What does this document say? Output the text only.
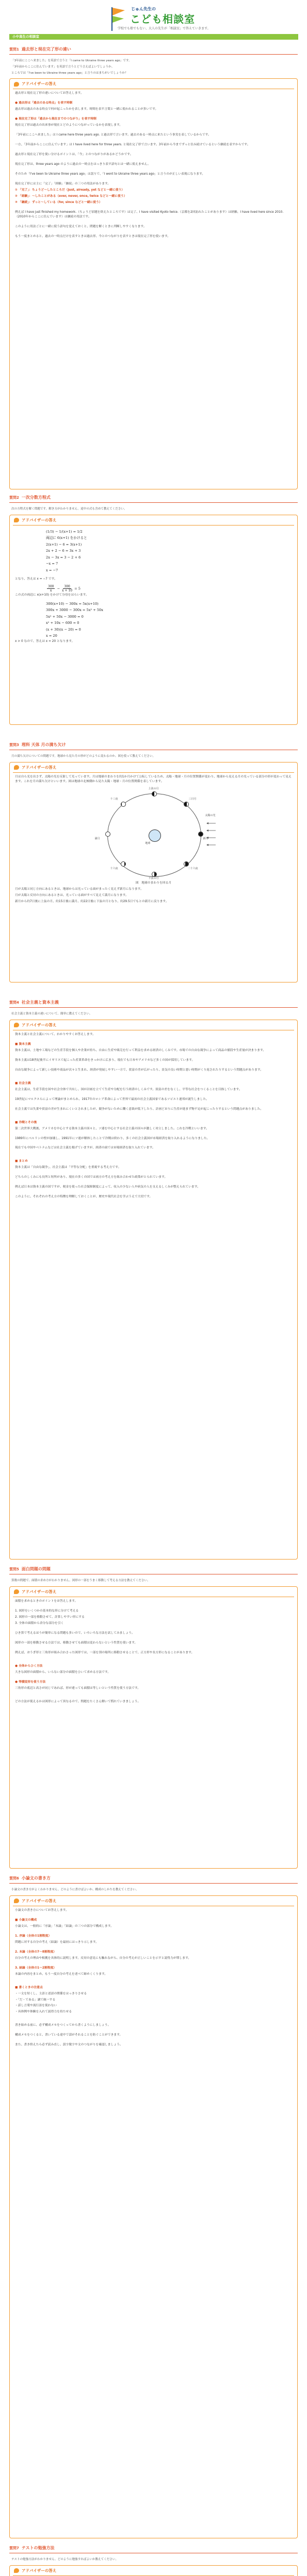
じゅん先生の
こども相談室
学校でも塾でもない、大人の先生が「相談室」で答えていきます。
小中高生の相談室
質問1 過去形と現在完了形の違い

「3年前にここへ来ました」を英語で言うと「I came to Ukraine three years ago」です。

「3年前からここに住んでいます」を英語で言うとどう言えばよいでしょうか。

ところでは「I've been to Ukraine three years ago」と言うのはまちがいでしょうか？

アドバイザーの答え

過去形と現在完了形の違いについてお答えします。

● 過去形は「過去のある時点」を表す時制

過去形は過去のある時点で何が起こったかを表します。時間を表す言葉と一緒に使われることが多いです。

● 現在完了形は「過去から現在までのつながり」を表す時制

現在完了形は過去の出来事が現在とどのようにつながっているかを表現します。

「3年前にここへ来ました」は I came here three years ago. と過去形で言います。過去のある一時点に来たという事実を表しているからです。

一方、「3年前からここに住んでいます」は I have lived here for three years. と現在完了形で言います。3年前から今までずっと住み続けているという継続を表すからです。

過去形と現在完了形を使い分けるポイントは、「今」とのつながりがあるかどうかです。

現在完了形は、three years ago のように過去の一時点をはっきり表す語句とは一緒に使えません。

そのため「I've been to Ukraine three years ago」は誤りで、「I went to Ukraine three years ago」と言うのが正しい表現になります。

現在完了形には主に「完了」「経験」「継続」の三つの用法があります。

① 「完了」：ちょうど〜したところだ（just, already, yet などと一緒に使う）

② 「経験」：〜したことがある（ever, never, once, twice などと一緒に使う）

③ 「継続」：ずっと〜している（for, since などと一緒に使う）

例えば I have just finished my homework.（ちょうど宿題を終えたところです）は完了、I have visited Kyoto twice.（京都を2回訪れたことがあります）は経験、I have lived here since 2010.（2010年からここに住んでいます）は継続の用法です。

このように用法ごとに一緒に使う語句を覚えておくと、問題を解くときに判断しやすくなります。

もう一度まとめると、過去の一時点だけを表すときは過去形、今とのつながりを表すときは現在完了形を使います。

質問2 一次分数方程式

次の方程式を解く問題です。解き方がわかりません。途中の式も含めて教えてください。

アドバイザーの答え
(1/3) − 1/(x+1) = 1/2
両辺に 6(x+1) をかけると
2(x+1) − 6 = 3(x+1)
2x + 2 − 6 = 3x + 3
2x − 3x = 3 − 2 + 6
−x = 7
x = −7

となり、答えは x = −7 です。

$\frac{300}{x} - \frac{300}{x + 10} = 5$

この式の両辺に x(x+10) をかけて分母をはらいます。

300(x+10) − 300x = 5x(x+10)
300x + 3000 − 300x = 5x² + 50x
5x² + 50x − 3000 = 0
x² + 10x − 600 = 0
(x + 30)(x − 20) = 0
x = 20

x > 0 なので、答えは x = 20 となります。

質問3 理科 天体 月の満ち欠け

月の満ち欠けについての問題です。地球から見た月の形がどのように変わるのか、図を使って教えてください。

アドバイザーの答え

月は自ら光を出さず、太陽の光を反射して光っています。月は地球のまわりを約1か月かけて公転しているため、太陽・地球・月の位置関係が変わり、地球から見える月の光っている部分の形が変わって見えます。これを月の満ち欠けといいます。図は地球の北極側から見た太陽・地球・月の位置関係を表しています。

地球
新月
三日月
上弦の月
十三夜
満月
十六夜
下弦の月
二十六夜
太陽の光

図　地球のまわりを回る月

月が太陽と同じ方向にあるときは、地球からは光っている面がまったく見えず新月になります。

月が太陽と反対の方向にあるときは、光っている面がすべて見えて満月になります。

新月から約7日後に上弦の月、約15日後に満月、約22日後に下弦の月となり、約29.5日でもとの新月に戻ります。

質問4 社会主義と資本主義

社会主義と資本主義の違いについて、簡単に教えてください。

アドバイザーの答え

資本主義と社会主義について、わかりやすくお答えします。

■ 資本主義

資本主義は、土地や工場などの生産手段を個人や企業が持ち、自由に生産や販売を行って利益を求める経済のしくみです。市場での自由な競争によって商品の値段や生産量が決まります。

資本主義は18世紀後半にイギリスで起こった産業革命をきっかけに広まり、現在でも日本やアメリカなど多くの国が採用しています。

自由な競争によって新しい技術や商品が次々と生まれ、経済が発展しやすい一方で、貧富の差が広がったり、景気の良い時期と悪い時期がくり返されたりするという問題点があります。

■ 社会主義

社会主義は、生産手段を国や社会全体で共有し、国が計画を立てて生産や分配を行う経済のしくみです。貧富の差をなくし、平等な社会をつくることを目指しています。

19世紀にマルクスらによって理論がまとめられ、1917年のロシア革命によって世界で最初の社会主義国家であるソビエト連邦が誕生しました。

社会主義では失業や貧富の差が生まれにくいとされましたが、競争がないために働く意欲が低下したり、計画どおりに生産が進まず物不足が起こったりするという問題点がありました。

■ 冷戦とその後

第二次世界大戦後、アメリカを中心とする資本主義の国々と、ソ連を中心とする社会主義の国々が激しく対立しました。これを冷戦といいます。

1989年にベルリンの壁が崩壊し、1991年にソ連が解体したことで冷戦は終わり、多くの社会主義国が市場経済を取り入れるようになりました。

現在でも中国やベトナムなどは社会主義を掲げていますが、経済の面では市場経済を取り入れています。

■ まとめ

資本主義は「自由な競争」、社会主義は「平等な分配」を重視する考え方です。

どちらのしくみにも長所と短所があり、現在の多くの国では両方の考え方を組み合わせた政策がとられています。

例えば日本は資本主義の国ですが、税金を使った社会保障制度によって、収入の少ない人や病気の人を支えるしくみが整えられています。

このように、それぞれの考え方の特徴を理解しておくことが、歴史や現代社会を学ぶうえで大切です。

質問5 面白問題の問題

算数の問題で、面積の求め方がわかりません。図形の一部をうまく移動して考える方法を教えてください。

アドバイザーの答え

面積を求めるときのポイントをお答えします。

1. 図形をいくつかの基本的な形に分けて考える

2. 図形の一部を移動させて、計算しやすい形にする

3. 全体の面積から余分な部分を引く

ひき算で考えるほうが簡単になる問題も多いので、いろいろな方法を試してみましょう。

図形の一部を移動させる方法では、移動させても面積は変わらないという性質を使います。

例えば、おうぎ形と三角形が組み合わさった図形では、一部を別の場所に移動させることで、正方形や長方形になることがあります。

● 全体からひく方法

大きな図形の面積から、いらない部分の面積をひいて求める方法です。

● 等積変形を使う方法

三角形の底辺と高さが同じであれば、形が違っても面積は等しいという性質を使う方法です。

どの方法が使えるかは図形によって異なるので、問題をたくさん解いて慣れていきましょう。

質問6 小論文の書き方

小論文の書き方がよくわかりません。どのように書けばよいか、構成のしかたを教えてください。

アドバイザーの答え

小論文の書き方についてお答えします。

■ 小論文の構成

小論文は、一般的に「序論」「本論」「結論」の三つの部分で構成します。

1. 序論（全体の1割程度）

問題に対する自分の考え（結論）を最初にはっきり示します。

2. 本論（全体の7〜8割程度）

自分の考えの理由や根拠を具体的に説明します。反対の意見にも触れながら、自分の考えが正しいことを示すと説得力が増します。

3. 結論（全体の1〜2割程度）

本論の内容をまとめ、もう一度自分の考えを述べて締めくくります。

■ 書くときの注意点

・一文を短くし、主語と述語の関係をはっきりさせる

・「だ・である」調で統一する

・話し言葉や流行語を使わない

・具体例や体験を入れて説得力を持たせる

書き始める前に、必ず構成メモをつくってから書くようにしましょう。

構成メモをつくると、書いている途中で話がそれることを防ぐことができます。

また、書き終えたら必ず読み直し、誤字脱字や文のつながりを確認しましょう。

質問7 テストの勉強方法

テストの勉強方法がわかりません。どのように勉強すればよいか教えてください。

アドバイザーの答え
